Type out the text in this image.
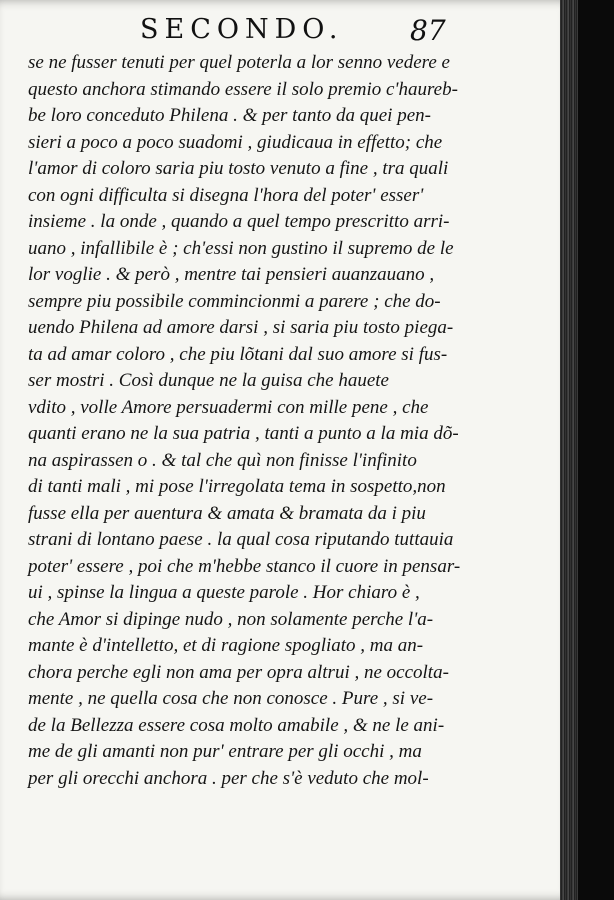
SECONDO. 87
se ne fusser tenuti per quel poterla a lor senno vedere e
questo anchora stimando essere il solo premio c'haureb-
be loro conceduto Philena . & per tanto da quei pen-
sieri a poco a poco suadomi , giudicaua in effetto; che
l'amor di coloro saria piu tosto venuto a fine , tra quali
con ogni difficulta si disegna l'hora del poter' esser'
insieme . la onde , quando a quel tempo prescritto arri-
uano , infallibile è ; ch'essi non gustino il supremo de le
lor voglie . & però , mentre tai pensieri auanzauano ,
sempre piu possibile commincionmi a parere ; che do-
uendo Philena ad amore darsi , si saria piu tosto piega-
ta ad amar coloro , che piu lõtani dal suo amore si fus-
ser mostri . Così dunque ne la guisa che hauete
vdito , volle Amore persuadermi con mille pene , che
quanti erano ne la sua patria , tanti a punto a la mia dõ-
na aspirassen o . & tal che quì non finisse l'infinito
di tanti mali , mi pose l'irregolata tema in sospetto,non
fusse ella per auentura & amata & bramata da i piu
strani di lontano paese . la qual cosa riputando tuttauia
poter' essere , poi che m'hebbe stanco il cuore in pensar-
ui , spinse la lingua a queste parole . Hor chiaro è ,
che Amor si dipinge nudo , non solamente perche l'a-
mante è d'intelletto, et di ragione spogliato , ma an-
chora perche egli non ama per opra altrui , ne occolta-
mente , ne quella cosa che non conosce . Pure , si ve-
de la Bellezza essere cosa molto amabile , & ne le ani-
me de gli amanti non pur' entrare per gli occhi , ma
per gli orecchi anchora . per che s'è veduto che mol-
